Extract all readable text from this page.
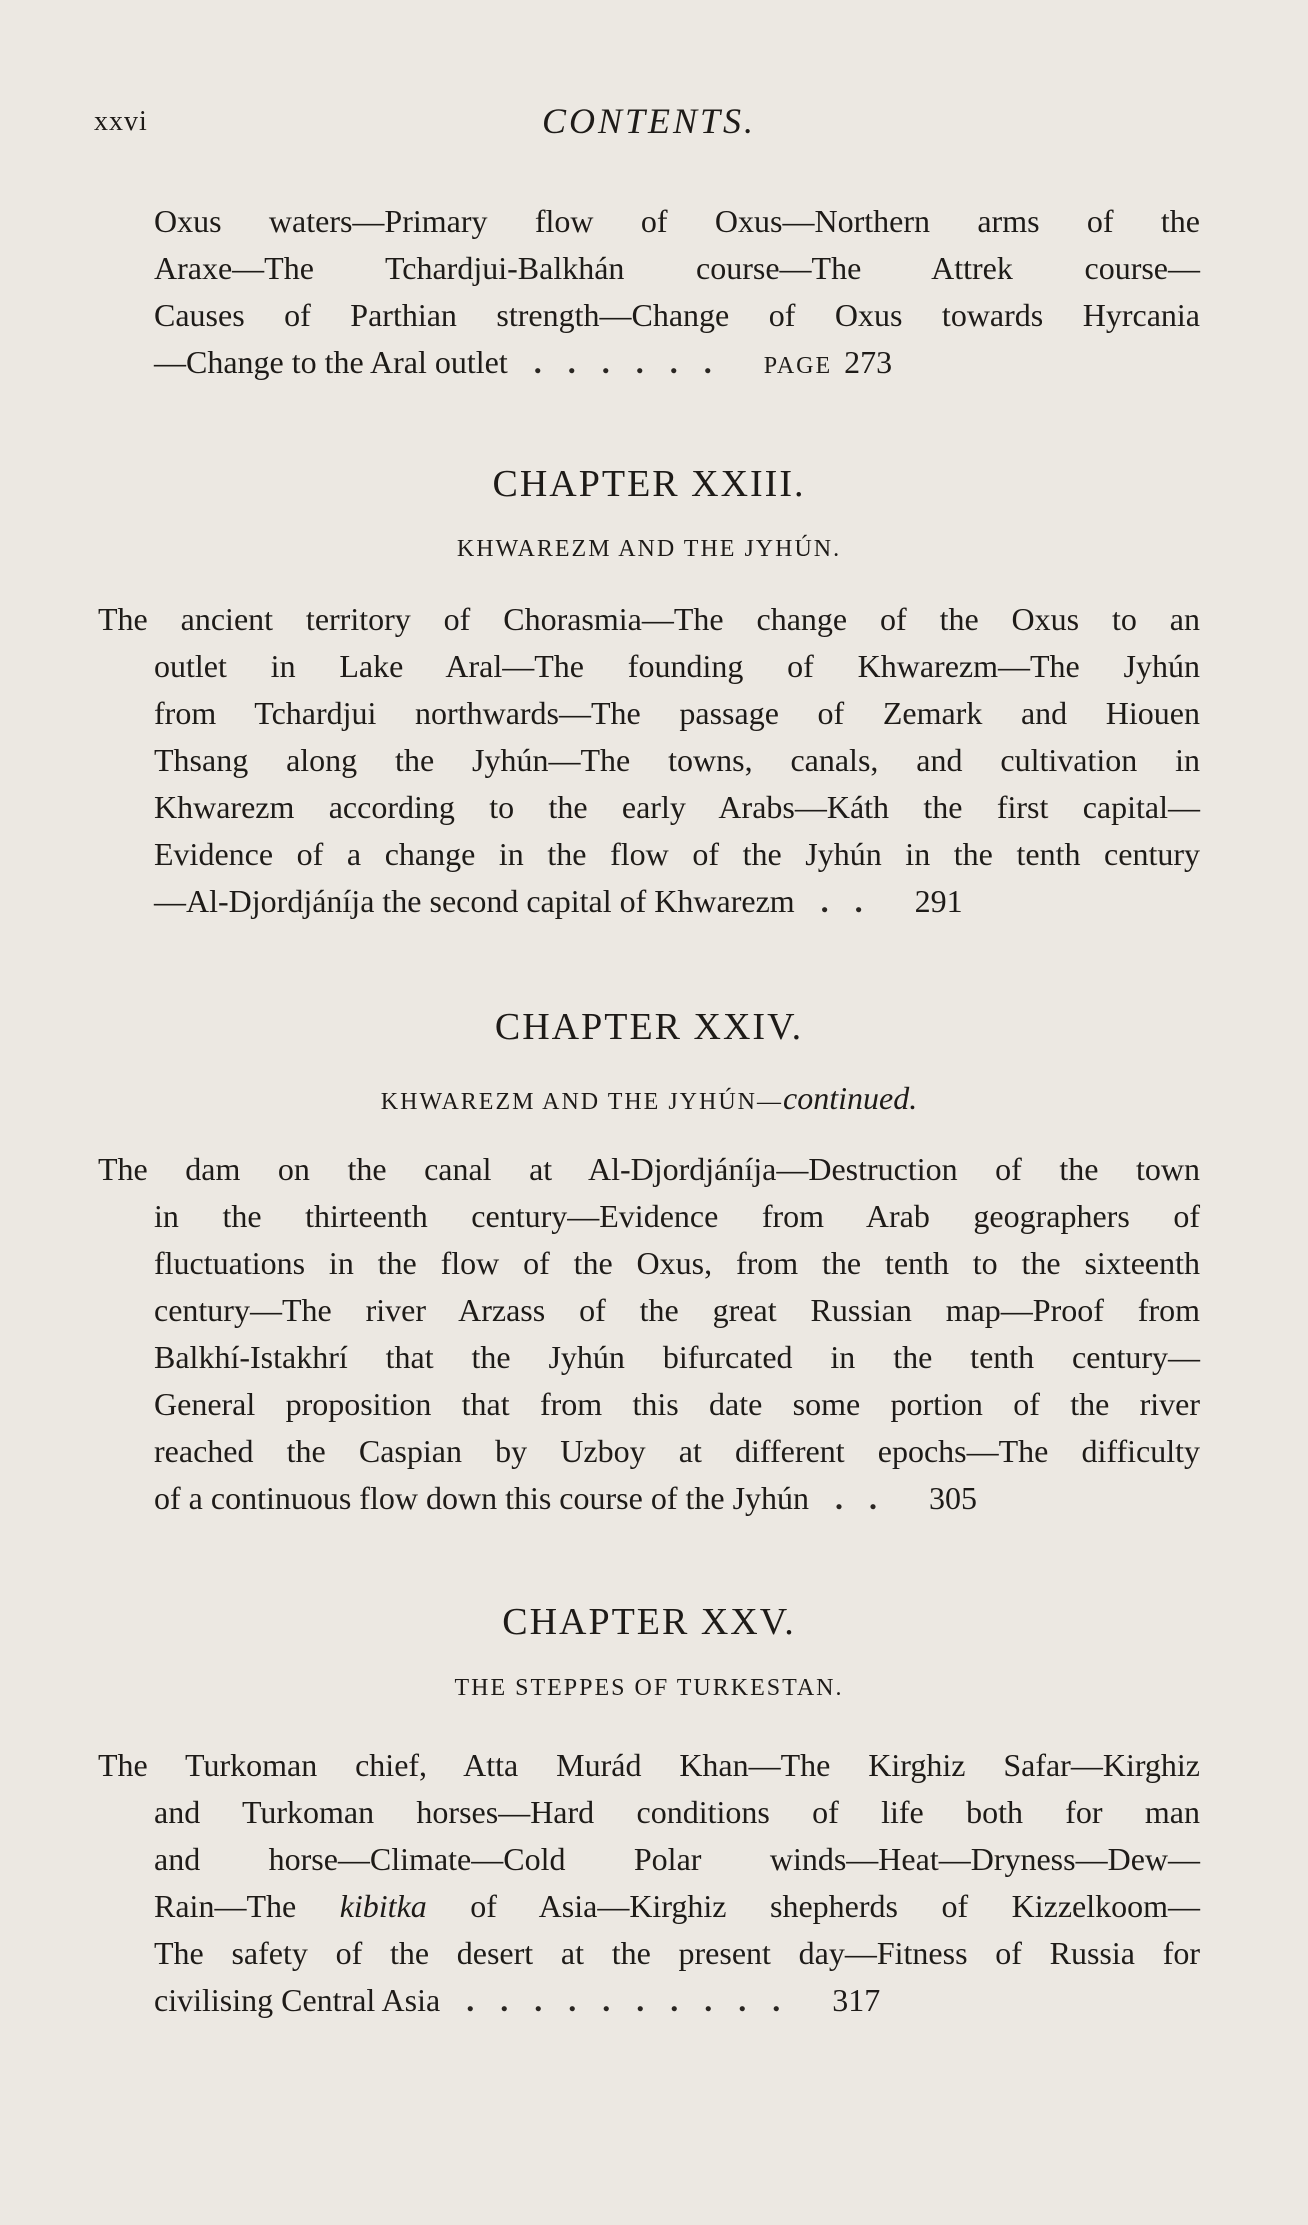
xxvi	CONTENTS.
Oxus waters—Primary flow of Oxus—Northern arms of the
Araxe—The Tchardjui-Balkhán course—The Attrek course—
Causes of Parthian strength—Change of Oxus towards Hyrcania
—Change to the Aral outlet ...... PAGE 273
CHAPTER XXIII.
KHWAREZM AND THE JYHÚN.
The ancient territory of Chorasmia—The change of the Oxus to an
outlet in Lake Aral—The founding of Khwarezm—The Jyhún
from Tchardjui northwards—The passage of Zemark and Hiouen
Thsang along the Jyhún—The towns, canals, and cultivation in
Khwarezm according to the early Arabs—Káth the first capital—
Evidence of a change in the flow of the Jyhún in the tenth century
—Al-Djordjáníja the second capital of Khwarezm .. 291
CHAPTER XXIV.
KHWAREZM AND THE JYHÚN—continued.
The dam on the canal at Al-Djordjáníja—Destruction of the town
in the thirteenth century—Evidence from Arab geographers of
fluctuations in the flow of the Oxus, from the tenth to the sixteenth
century—The river Arzass of the great Russian map—Proof from
Balkhí-Istakhrí that the Jyhún bifurcated in the tenth century—
General proposition that from this date some portion of the river
reached the Caspian by Uzboy at different epochs—The difficulty
of a continuous flow down this course of the Jyhún .. 305
CHAPTER XXV.
THE STEPPES OF TURKESTAN.
The Turkoman chief, Atta Murád Khan—The Kirghiz Safar—Kirghiz
and Turkoman horses—Hard conditions of life both for man
and horse—Climate—Cold Polar winds—Heat—Dryness—Dew—
Rain—The kibitka of Asia—Kirghiz shepherds of Kizzelkoom—
The safety of the desert at the present day—Fitness of Russia for
civilising Central Asia .......... 317
